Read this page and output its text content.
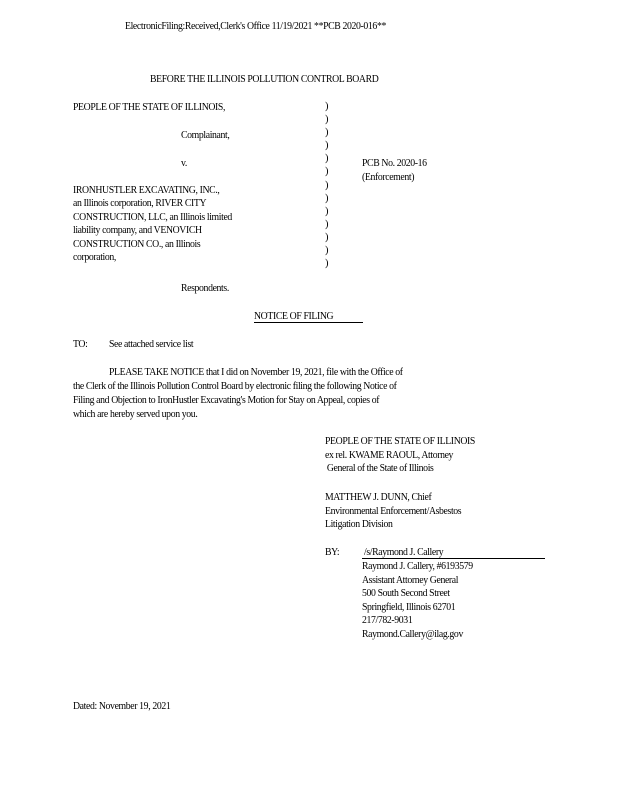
ElectronicFiling:Received,Clerk's Office 11/19/2021 **PCB 2020-016**
BEFORE THE ILLINOIS POLLUTION CONTROL BOARD
PEOPLE OF THE STATE OF ILLINOIS,
Complainant,
v.
IRONHUSTLER EXCAVATING, INC.,
an Illinois corporation, RIVER CITY
CONSTRUCTION, LLC, an Illinois limited
liability company, and VENOVICH
CONSTRUCTION CO., an Illinois
corporation,
Respondents.
)
)
)
)
)
)
)
)
)
)
)
)
)
PCB No. 2020-16
(Enforcement)
NOTICE OF FILING
TO: See attached service list
PLEASE TAKE NOTICE that I did on November 19, 2021, file with the Office of
the Clerk of the Illinois Pollution Control Board by electronic filing the following Notice of
Filing and Objection to IronHustler Excavating's Motion for Stay on Appeal, copies of
which are hereby served upon you.
PEOPLE OF THE STATE OF ILLINOIS
ex rel. KWAME RAOUL, Attorney
General of the State of Illinois
MATTHEW J. DUNN, Chief
Environmental Enforcement/Asbestos
Litigation Division
BY: /s/Raymond J. Callery
Raymond J. Callery, #6193579
Assistant Attorney General
500 South Second Street
Springfield, Illinois 62701
217/782-9031
Raymond.Callery@ilag.gov
Dated: November 19, 2021
